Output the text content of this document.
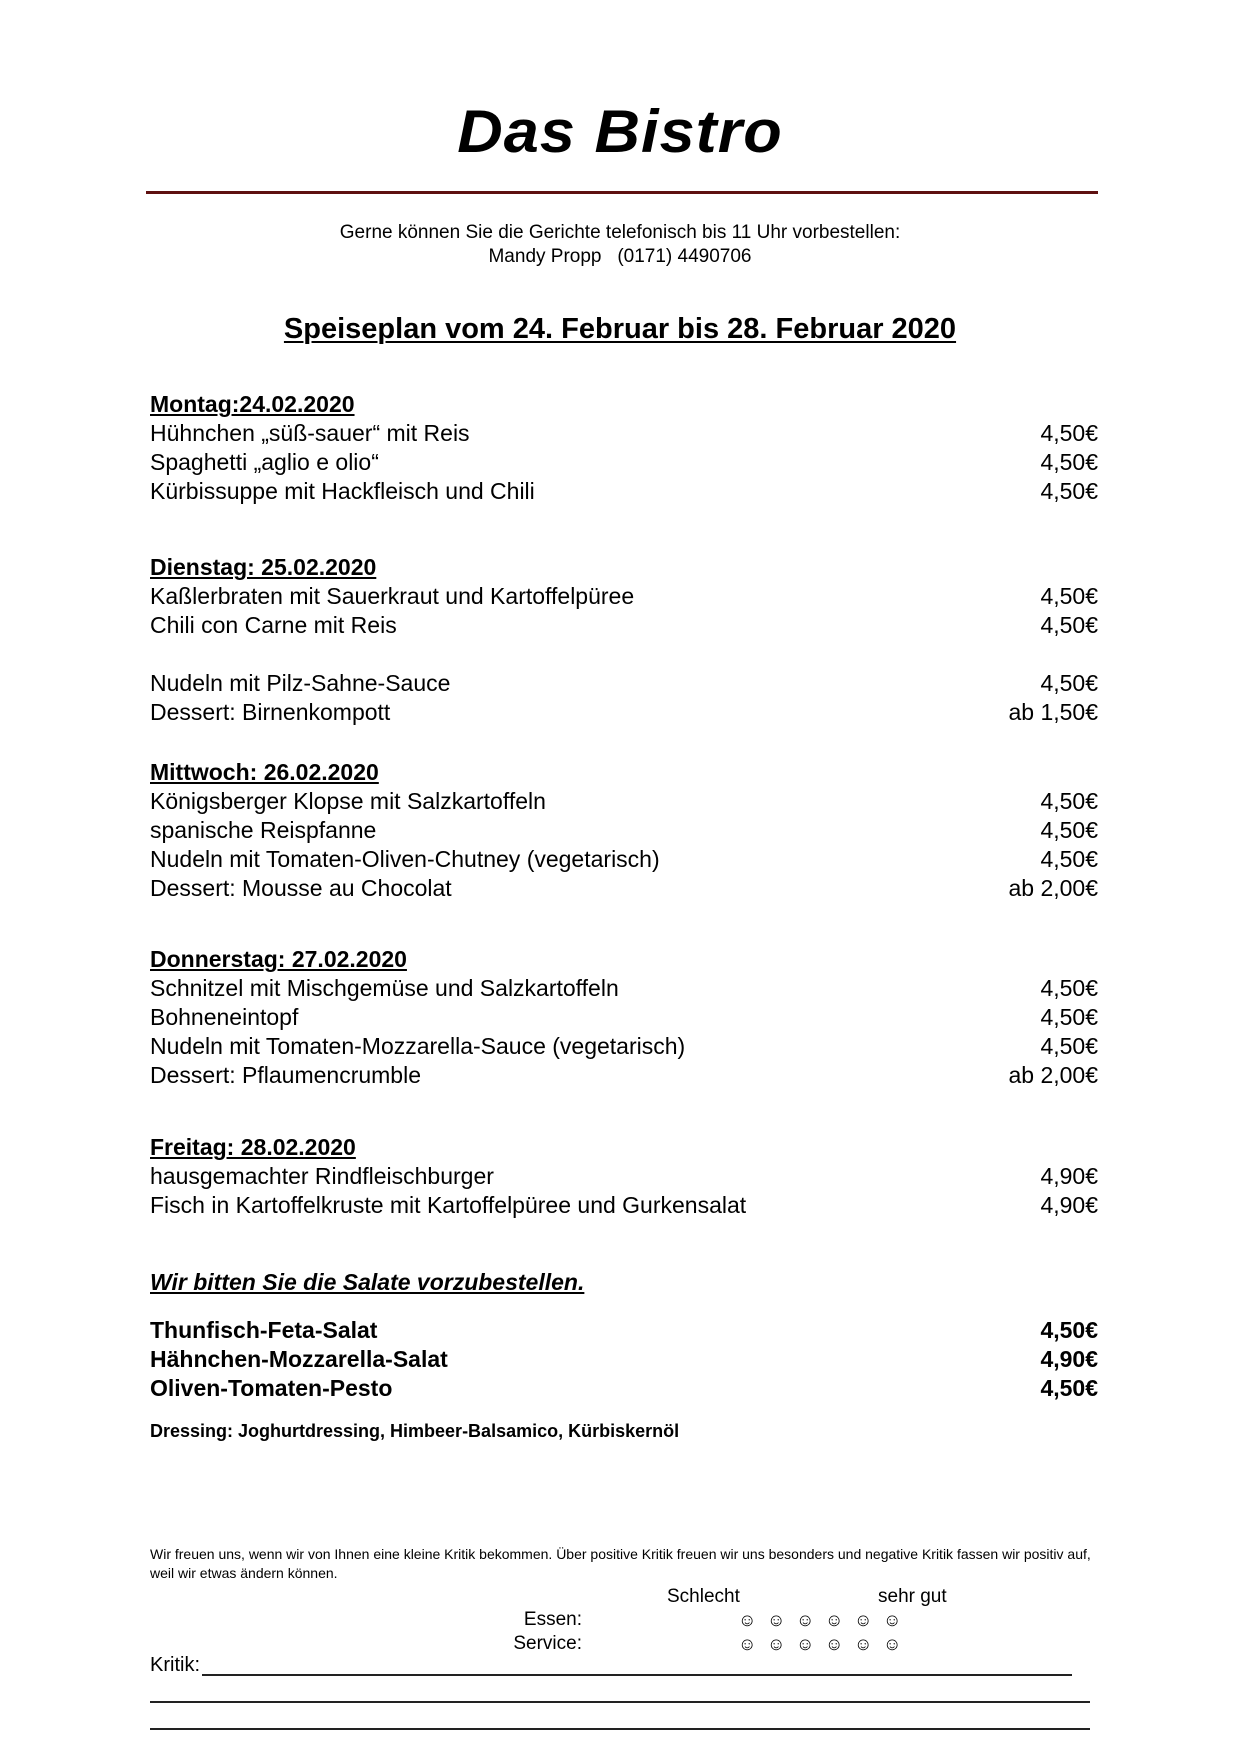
Das Bistro
Gerne können Sie die Gerichte telefonisch bis 11 Uhr vorbestellen:
Mandy Propp   (0171) 4490706
Speiseplan vom 24. Februar bis 28. Februar 2020
Montag:24.02.2020
Hühnchen „süß-sauer“ mit Reis	4,50€
Spaghetti „aglio e olio“	4,50€
Kürbissuppe mit Hackfleisch und Chili	4,50€
Dienstag: 25.02.2020
Kaßlerbraten mit Sauerkraut und Kartoffelpüree	4,50€
Chili con Carne mit Reis	4,50€
Nudeln mit Pilz-Sahne-Sauce	4,50€
Dessert: Birnenkompott	ab 1,50€
Mittwoch: 26.02.2020
Königsberger Klopse mit Salzkartoffeln	4,50€
spanische Reispfanne	4,50€
Nudeln mit Tomaten-Oliven-Chutney (vegetarisch)	4,50€
Dessert: Mousse au Chocolat	ab 2,00€
Donnerstag: 27.02.2020
Schnitzel mit Mischgemüse und Salzkartoffeln	4,50€
Bohneneintopf	4,50€
Nudeln mit Tomaten-Mozzarella-Sauce (vegetarisch)	4,50€
Dessert: Pflaumencrumble	ab 2,00€
Freitag: 28.02.2020
hausgemachter Rindfleischburger	4,90€
Fisch in Kartoffelkruste mit Kartoffelpüree und Gurkensalat	4,90€
Wir bitten Sie die Salate vorzubestellen.
Thunfisch-Feta-Salat	4,50€
Hähnchen-Mozzarella-Salat	4,90€
Oliven-Tomaten-Pesto	4,50€
Dressing: Joghurtdressing, Himbeer-Balsamico, Kürbiskernöl
Wir freuen uns, wenn wir von Ihnen eine kleine Kritik bekommen. Über positive Kritik freuen wir uns besonders und negative Kritik fassen wir positiv auf, weil wir etwas ändern können.
Schlecht	sehr gut
Essen:	☺ ☺ ☺ ☺ ☺ ☺
Service:	☺ ☺ ☺ ☺ ☺ ☺
Kritik:
